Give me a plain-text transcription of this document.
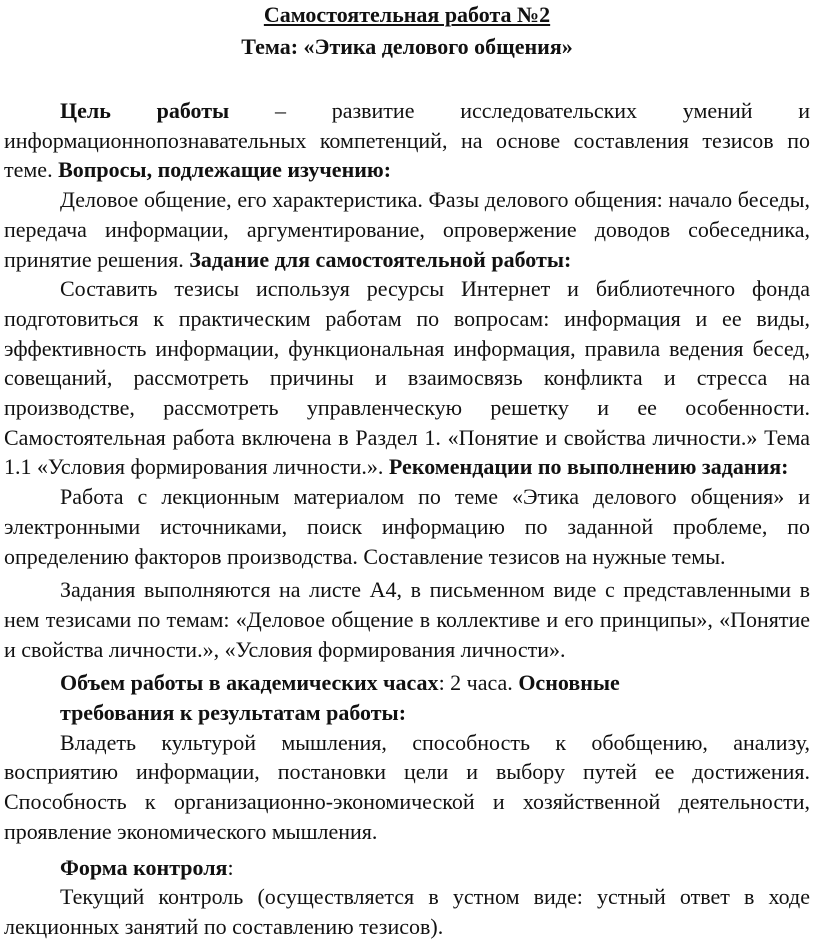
Самостоятельная работа №2
Тема: «Этика делового общения»

Цель работы – развитие исследовательских умений и информационнопознавательных компетенций, на основе составления тезисов по теме. Вопросы, подлежащие изучению:

Деловое общение, его характеристика. Фазы делового общения: начало беседы, передача информации, аргументирование, опровержение доводов собеседника, принятие решения. Задание для самостоятельной работы:

Составить тезисы используя ресурсы Интернет и библиотечного фонда подготовиться к практическим работам по вопросам: информация и ее виды, эффективность информации, функциональная информация, правила ведения бесед, совещаний, рассмотреть причины и взаимосвязь конфликта и стресса на производстве, рассмотреть управленческую решетку и ее особенности. Самостоятельная работа включена в Раздел 1. «Понятие и свойства личности.» Тема 1.1 «Условия формирования личности.». Рекомендации по выполнению задания:

Работа с лекционным материалом по теме «Этика делового общения» и электронными источниками, поиск информацию по заданной проблеме, по определению факторов производства. Составление тезисов на нужные темы.

Задания выполняются на листе А4, в письменном виде с представленными в нем тезисами по темам: «Деловое общение в коллективе и его принципы», «Понятие и свойства личности.», «Условия формирования личности».

Объем работы в академических часах: 2 часа. Основные

требования к результатам работы:

Владеть культурой мышления, способность к обобщению, анализу, восприятию информации, постановки цели и выбору путей ее достижения. Способность к организационно-экономической и хозяйственной деятельности, проявление экономического мышления.

Форма контроля:

Текущий контроль (осуществляется в устном виде: устный ответ в ходе лекционных занятий по составлению тезисов).
